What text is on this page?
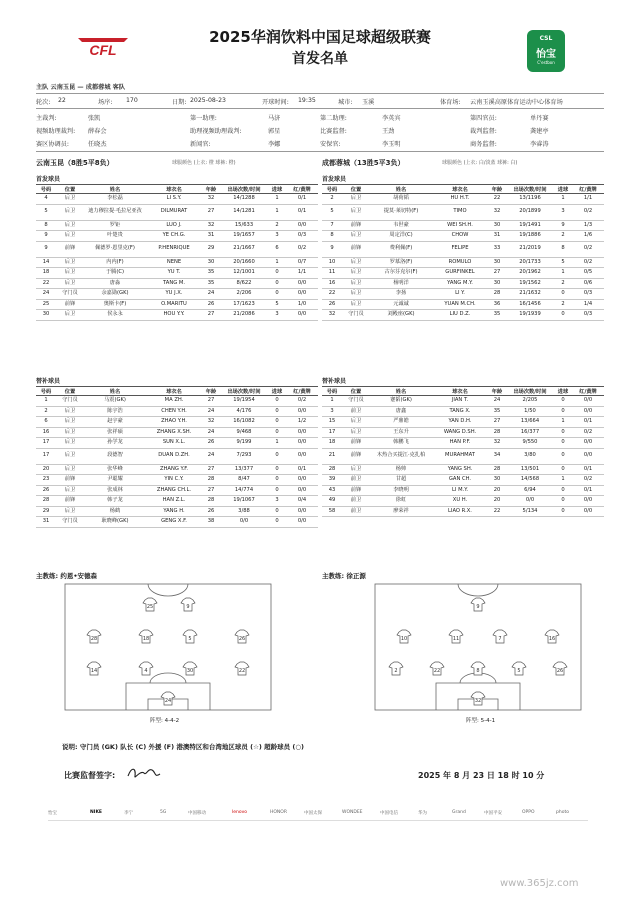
CFL
2025华润饮料中国足球超级联赛
首发名单
CSL
怡宝
C'estbon
主队 云南玉昆 — 成都蓉城 客队
轮次: 22	场序: 170	日期: 2025-08-23	开球时间: 19:35	城市: 玉溪	体育场: 云南玉溪高原体育运动中心体育场
主裁判:	张凯	第一助理:	马济	第二助理:	李英宾	第四官员:	单丹赛
视频助理裁判: 薛春会	助理视频助理裁判:	郭星	比赛监督:	王劲	裁判监督:	龚建亭
赛区协调员:	任晓杰	新闻官:	李娜	安保官:	李玉明	商务监督:	李睿涛
云南玉昆（8胜5平8负）	球服颜色 (上衣: 橙 球裤: 橙)	成都蓉城（13胜5平3负）	球服颜色 (上衣: 白/淡蓝 球裤: 白)
首发球员	首发球员
号码	位置	姓名	球衣名	年龄	出场次数/时间	进球	红/黄牌
4	后卫	李松磊	LI S.Y.	32	14/1288	1	0/1
5	后卫	迪力穆拉提·毛拉尼亚孜	DILMURAT	27	14/1281	1	0/1
8	后卫	罗钜	LUO J.	32	15/633	2	0/0
9	后卫	叶楚贵	YE CH.G.	31	19/1657	3	0/3
9	前锋	佩德罗·恩里克(F)	P.HENRIQUE	29	21/1667	6	0/2
14	后卫	内内(F)	NENE	30	20/1660	1	0/7
18	后卫	于腾(C)	YU T.	35	12/1001	0	1/1
22	后卫	唐淼	TANG M.	35	8/622	0	0/0
24	守门员	余嘉勋(GK)	YU J.X.	24	2/206	0	0/0
25	前锋	奥斯卡(F)	O.MARITU	26	17/1623	5	1/0
30	后卫	侯永永	HOU Y.Y.	27	21/2086	3	0/0
号码	位置	姓名	球衣名	年龄	出场次数/时间	进球	红/黄牌
2	后卫	胡荷韬	HU H.T.	22	13/1196	1	1/1
5	后卫	提莫·莱切特(F)	TIMO	32	20/1899	3	0/2
7	前锋	韦世豪	WEI SH.H.	30	19/1491	9	1/3
8	后卫	周定洋(C)	CHOW	31	19/1886	2	1/6
9	前锋	费利佩(F)	FELIPE	33	21/2019	8	0/2
10	后卫	罗慕洛(F)	ROMULO	30	20/1733	5	0/2
11	后卫	古尔芬克尔(F)	GURFINKEL	27	20/1962	1	0/5
16	后卫	杨明洋	YANG M.Y.	30	19/1562	2	0/6
22	后卫	李扬	LI Y.	28	21/1632	0	0/3
26	后卫	元诚诚	YUAN M.CH.	36	16/1456	2	1/4
32	守门员	刘殿座(GK)	LIU D.Z.	35	19/1939	0	0/3
替补球员	替补球员
号码	位置	姓名	球衣名	年龄	出场次数/时间	进球	红/黄牌
1	守门员	马震(GK)	MA ZH.	27	19/1954	0	0/2
2	后卫	陈宇浩	CHEN Y.H.	24	4/176	0	0/0
6	后卫	赵宇豪	ZHAO Y.H.	32	16/1082	0	1/2
16	后卫	张祥硕	ZHANG X.SH.	24	9/468	0	0/0
17	后卫	孙学龙	SUN X.L.	26	9/199	1	0/0
17	后卫	段德智	DUAN D.ZH.	24	7/293	0	0/0
20	后卫	张华峰	ZHANG Y.F.	27	13/377	0	0/1
23	前锋	尹聪耀	YIN C.Y.	28	8/47	0	0/0
26	后卫	张成林	ZHANG CH.L.	27	14/774	0	0/0
28	前锋	韩子龙	HAN Z.L.	28	19/1067	3	0/4
29	后卫	杨鹤	YANG H.	26	3/88	0	0/0
31	守门员	耿晓峰(GK)	GENG X.F.	38	0/0	0	0/0
号码	位置	姓名	球衣名	年龄	出场次数/时间	进球	红/黄牌
1	守门员	蹇韬(GK)	JIAN T.	24	2/205	0	0/0
3	前卫	唐鑫	TANG X.	35	1/50	0	0/0
15	后卫	严鼎皓	YAN D.H.	27	13/664	1	0/1
17	后卫	王东升	WANG D.SH.	28	16/377	0	0/2
18	前锋	韩鹏飞	HAN P.F.	32	9/550	0	0/0
21	前锋	木热合买提江·克扎柏	MURAHMAT	34	3/80	0	0/0
28	后卫	杨帅	YANG SH.	28	13/501	0	0/1
39	前卫	甘超	GAN CH.	30	14/568	1	0/2
43	前锋	李晓明	LI M.Y.	20	6/94	0	0/1
49	前卫	徐虹	XU H.	20	0/0	0	0/0
58	前卫	廖荣祥	LIAO R.X.	22	5/134	0	0/0
主教练: 约恩•安德森	主教练: 徐正源
25	9
28	18	5	26
14	4	30	22
24
9
10	11	7	16
2	22	8	5	26
32
阵型: 4-4-2	阵型: 5-4-1
说明: 守门员 (GK) 队长 (C) 外援 (F) 港澳特区和台湾地区球员 (☆) 超龄球员 (○)
比赛监督签字:	2025 年 8 月 23 日 18 时 10 分
怡宝	NIKE	李宁	5G	中国移动	lenovo	HONOR	中国太保	WONDEE	中国电信	华为	Grand	中国平安	OPPO	photo
www.365jz.com
